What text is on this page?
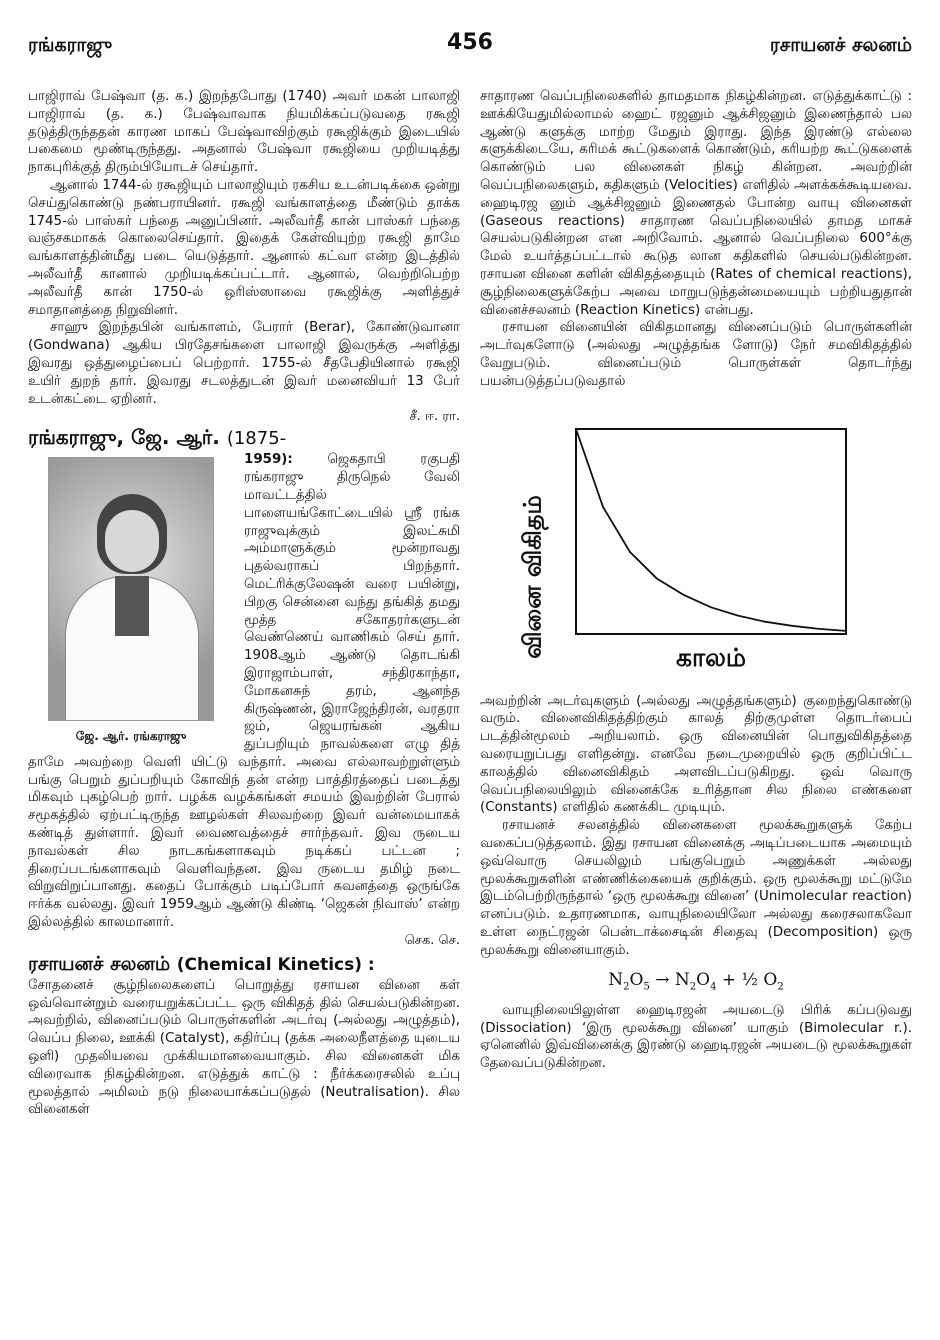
ரங்கராஜு	456	ரசாயனச் சலனம்

பாஜிராவ் பேஷ்வா (த. க.) இறந்தபோது (1740) அவர் மகன் பாலாஜி பாஜிராவ் (த. க.) பேஷ்வாவாக நியமிக்கப்படுவதை ரகூஜி தடுத்திருந்ததன் காரண மாகப் பேஷ்வாவிற்கும் ரகூஜிக்கும் இடையில் பகைமை மூண்டிருந்தது. அதனால் பேஷ்வா ரகூஜியை முறியடித்து நாகபுரிக்குத் திரும்பியோடச் செய்தார்.

ஆனால் 1744-ல் ரகூஜியும் பாலாஜியும் ரகசிய உடன்படிக்கை ஒன்று செய்துகொண்டு நண்பராயினர். ரகூஜி வங்காளத்தை மீண்டும் தாக்க 1745-ல் பாஸ்கர் பந்தை அனுப்பினர். அலீவர்தீ கான் பாஸ்கர் பந்தை வஞ்சகமாகக் கொலைசெய்தார். இதைக் கேள்வியுற்ற ரகூஜி தாமே வங்காளத்தின்மீது படை யெடுத்தார். ஆனால் கட்வா என்ற இடத்தில் அலீவர்தீ கானால் முறியடிக்கப்பட்டார். ஆனால், வெற்றிபெற்ற அலீவர்தீ கான் 1750-ல் ஒரிஸ்ஸாவை ரகூஜிக்கு அளித்துச் சமாதானத்தை நிறுவினர்.

சாஹு இறந்தபின் வங்காளம், பேரார் (Berar), கோண்டுவானா (Gondwana) ஆகிய பிரதேசங்களை பாலாஜி இவருக்கு அளித்து இவரது ஒத்துழைப்பைப் பெற்றார். 1755-ல் சீதபேதியினால் ரகூஜி உயிர் துறந் தார். இவரது சடலத்துடன் இவர் மனைவியர் 13 பேர் உடன்கட்டை ஏறினர்.

சீ. ஈ. ரா.
ரங்கராஜு, ஜே. ஆர். (1875-
ஜே. ஆர். ரங்கராஜு

1959):	ஜெகதாபி ரகுபதி ரங்கராஜு திருநெல் வேலி மாவட்டத்தில் பாளையங்கோட்டையில் ஸ்ரீ ரங்க ராஜுவுக்கும் இலட்சுமி அம்மாளுக்கும் மூன்றாவது புதல்வராகப் பிறந்தார். மெட்ரிக்குலேஷன் வரை பயின்று, பிறகு சென்னை வந்து தங்கித் தமது மூத்த சகோதரர்களுடன் வெண்ணெய் வாணிகம் செய் தார். 1908ஆம் ஆண்டு தொடங்கி இராஜாம்பாள், சந்திரகாந்தா, மோகனசுந் தரம், ஆனந்த கிருஷ்ணன், இராஜேந்திரன், வரதரா ஜம், ஜெயரங்கன் ஆகிய துப்பறியும் நாவல்களை எழு தித் தாமே அவற்றை வெளி யிட்டு வந்தார். அவை எல்லாவற்றுள்ளும் பங்கு பெறும் துப்பறியும் கோவிந் தன் என்ற பாத்திரத்தைப் படைத்து மிகவும் புகழ்பெற் றார். பழக்க வழக்கங்கள் சமயம் இவற்றின் பேரால் சமூகத்தில் ஏற்பட்டிருந்த ஊழல்கள் சிலவற்றை இவர் வன்மையாகக் கண்டித் துள்ளார். இவர் வைணவத்தைச் சார்ந்தவர். இவ ருடைய நாவல்கள் சில நாடகங்களாகவும் நடிக்கப் பட்டன ; திரைப்படங்களாகவும் வெளிவந்தன. இவ ருடைய தமிழ் நடை விறுவிறுப்பானது. கதைப் போக்கும் படிப்போர் கவனத்தை ஒருங்கே ஈர்க்க வல்லது. இவர் 1959ஆம் ஆண்டு கிண்டி ‘ஜெகன் நிவாஸ்’ என்ற இல்லத்தில் காலமானார்.

செக. செ.
ரசாயனச் சலனம் (Chemical Kinetics) :

சோதனைச் சூழ்நிலைகளைப் பொறுத்து ரசாயன வினை கள் ஒவ்வொன்றும் வரையறுக்கப்பட்ட ஒரு விகிதத் தில் செயல்படுகின்றன. அவற்றில், வினைப்படும் பொருள்களின் அடர்வு (அல்லது அழுத்தம்), வெப்ப நிலை, ஊக்கி (Catalyst), கதிர்ப்பு (தக்க அலைநீளத்தை யுடைய ஒளி) முதலியவை முக்கியமானவையாகும். சில வினைகள் மிக விரைவாக நிகழ்கின்றன. எடுத்துக் காட்டு : நீர்க்கரைசலில் உப்பு மூலத்தால் அமிலம் நடு நிலையாக்கப்படுதல் (Neutralisation). சில வினைகள்

சாதாரண வெப்பநிலைகளில் தாமதமாக நிகழ்கின்றன. எடுத்துக்காட்டு : ஊக்கியேதுமில்லாமல் ஹைட் ரஜனும் ஆக்சிஜனும் இணைந்தால் பல ஆண்டு களுக்கு மாற்ற மேதும் இராது. இந்த இரண்டு எல்லை களுக்கிடையே, கரிமக் கூட்டுகளைக் கொண்டும், கரியற்ற கூட்டுகளைக் கொண்டும் பல வினைகள் நிகழ் கின்றன. அவற்றின் வெப்பநிலைகளும், கதிகளும் (Velocities) எளிதில் அளக்கக்கூடியவை. ஹைடிரஜ னும் ஆக்சிஜனும் இணைதல் போன்ற வாயு வினைகள் (Gaseous reactions) சாதாரண வெப்பநிலையில் தாமத மாகச் செயல்படுகின்றன என அறிவோம். ஆனால் வெப்பநிலை 600°க்கு மேல் உயர்த்தப்பட்டால் கூடுத லான கதிகளில் செயல்படுகின்றன. ரசாயன வினை களின் விகிதத்தையும் (Rates of chemical reactions), சூழ்நிலைகளுக்கேற்ப அவை மாறுபடுந்தன்மையையும் பற்றியதுதான் வினைச்சலனம் (Reaction Kinetics) என்பது.

ரசாயன வினையின் விகிதமானது வினைப்படும் பொருள்களின் அடர்வுகளோடு (அல்லது அழுத்தங்க ளோடு) நேர் சமவிகிதத்தில் வேறுபடும். வினைப்படும் பொருள்கள் தொடர்ந்து பயன்படுத்தப்படுவதால்

வினை விகிதம்	காலம்

அவற்றின் அடர்வுகளும் (அல்லது அழுத்தங்களும்) குறைந்துகொண்டு வரும். வினைவிகிதத்திற்கும் காலத் திற்குமுள்ள தொடர்பைப் படத்தின்மூலம் அறியலாம். ஒரு வினையின் பொதுவிகிதத்தை வரையறுப்பது எளிதன்று. எனவே நடைமுறையில் ஒரு குறிப்பிட்ட காலத்தில் வினைவிகிதம் அளவிடப்படுகிறது. ஒவ் வொரு வெப்பநிலையிலும் வினைக்கே உரித்தான சில நிலை எண்களை (Constants) எளிதில் கணக்கிட முடியும்.

ரசாயனச் சலனத்தில் வினைகளை மூலக்கூறுகளுக் கேற்ப வகைப்படுத்தலாம். இது ரசாயன வினைக்கு அடிப்படையாக அமையும் ஒவ்வொரு செயலிலும் பங்குபெறும் அணுக்கள் அல்லது மூலக்கூறுகளின் எண்ணிக்கையைக் குறிக்கும். ஒரு மூலக்கூறு மட்டுமே இடம்பெற்றிருந்தால் ‘ஒரு மூலக்கூறு வினை’ (Unimolecular reaction) எனப்படும். உதாரணமாக, வாயுநிலையிலோ அல்லது கரைசலாகவோ உள்ள நைட்ரஜன் பென்டாக்சைடின் சிதைவு (Decomposition) ஒரு மூலக்கூறு வினையாகும்.

$N_2O_5 \to N_2O_4$ + ½ $O_2$

வாயுநிலையிலுள்ள ஹைடிரஜன் அயடைடு பிரிக் கப்படுவது (Dissociation) ‘இரு மூலக்கூறு வினை’ யாகும் (Bimolecular r.). ஏனெனில் இவ்வினைக்கு இரண்டு ஹைடிரஜன் அயடைடு மூலக்கூறுகள் தேவைப்படுகின்றன.
